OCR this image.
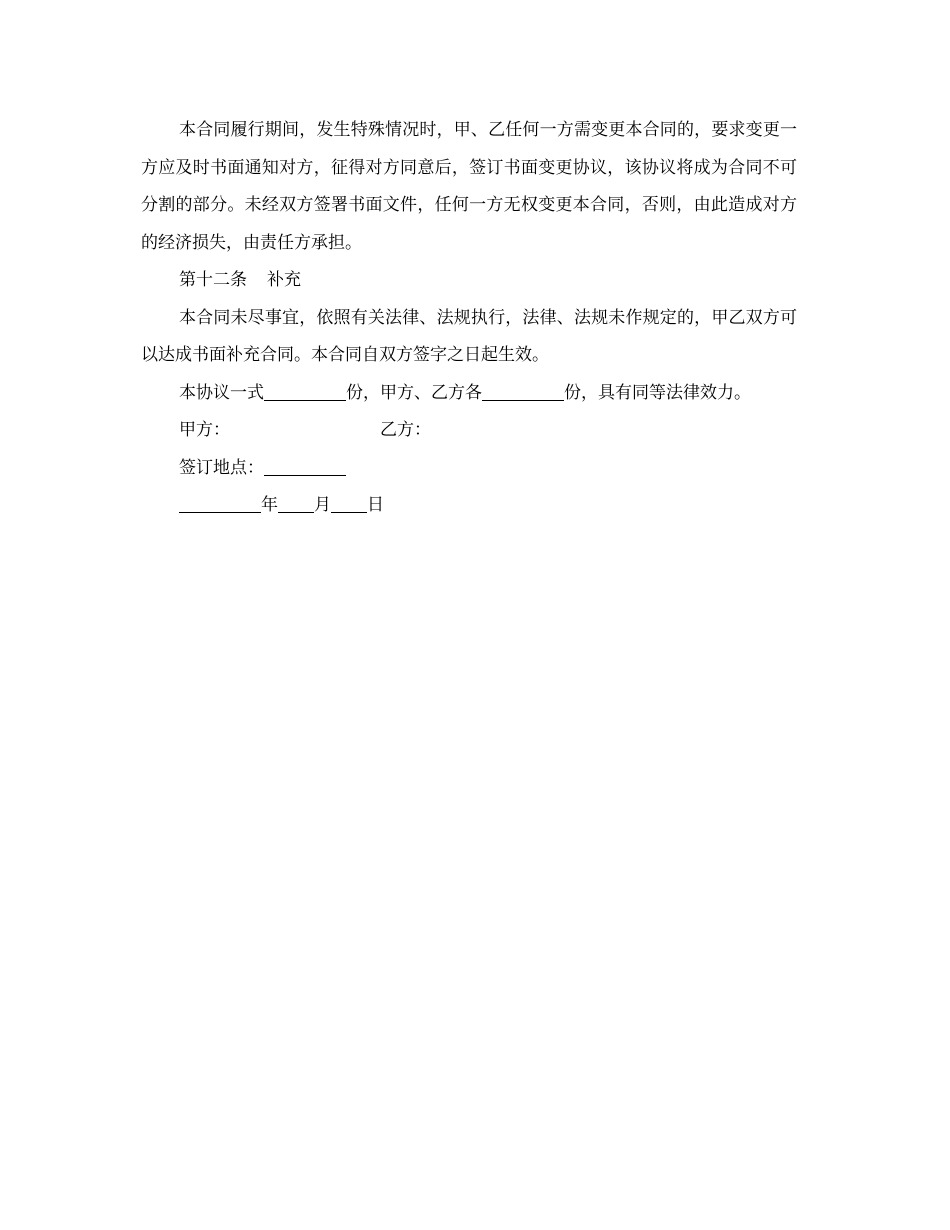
本合同履行期间，发生特殊情况时，甲、乙任何一方需变更本合同的，要求变更一方应及时书面通知对方，征得对方同意后，签订书面变更协议，该协议将成为合同不可分割的部分。未经双方签署书面文件，任何一方无权变更本合同，否则，由此造成对方的经济损失，由责任方承担。

第十二条 补充

本合同未尽事宜，依照有关法律、法规执行，法律、法规未作规定的，甲乙双方可以达成书面补充合同。本合同自双方签字之日起生效。

本协议一式	份，甲方、乙方各	份，具有同等法律效力。

甲方：	乙方：

签订地点：

年 月 日
